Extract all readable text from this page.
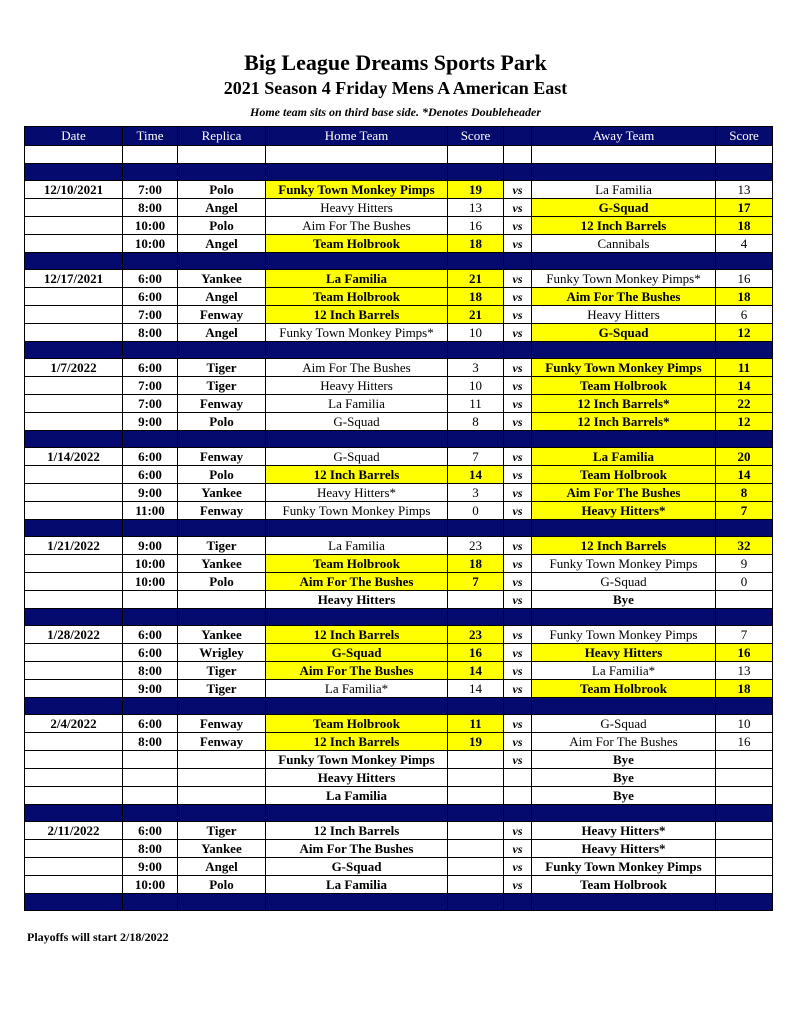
Big League Dreams Sports Park
2021 Season 4 Friday Mens A American East
Home team sits on third base side. *Denotes Doubleheader
Date	Time	Replica	Home Team	Score		Away Team	Score

12/10/2021	7:00	Polo	Funky Town Monkey Pimps	19	vs	La Familia	13
	8:00	Angel	Heavy Hitters	13	vs	G-Squad	17
	10:00	Polo	Aim For The Bushes	16	vs	12 Inch Barrels	18
	10:00	Angel	Team Holbrook	18	vs	Cannibals	4

12/17/2021	6:00	Yankee	La Familia	21	vs	Funky Town Monkey Pimps*	16
	6:00	Angel	Team Holbrook	18	vs	Aim For The Bushes	18
	7:00	Fenway	12 Inch Barrels	21	vs	Heavy Hitters	6
	8:00	Angel	Funky Town Monkey Pimps*	10	vs	G-Squad	12

1/7/2022	6:00	Tiger	Aim For The Bushes	3	vs	Funky Town Monkey Pimps	11
	7:00	Tiger	Heavy Hitters	10	vs	Team Holbrook	14
	7:00	Fenway	La Familia	11	vs	12 Inch Barrels*	22
	9:00	Polo	G-Squad	8	vs	12 Inch Barrels*	12

1/14/2022	6:00	Fenway	G-Squad	7	vs	La Familia	20
	6:00	Polo	12 Inch Barrels	14	vs	Team Holbrook	14
	9:00	Yankee	Heavy Hitters*	3	vs	Aim For The Bushes	8
	11:00	Fenway	Funky Town Monkey Pimps	0	vs	Heavy Hitters*	7

1/21/2022	9:00	Tiger	La Familia	23	vs	12 Inch Barrels	32
	10:00	Yankee	Team Holbrook	18	vs	Funky Town Monkey Pimps	9
	10:00	Polo	Aim For The Bushes	7	vs	G-Squad	0
			Heavy Hitters		vs	Bye	

1/28/2022	6:00	Yankee	12 Inch Barrels	23	vs	Funky Town Monkey Pimps	7
	6:00	Wrigley	G-Squad	16	vs	Heavy Hitters	16
	8:00	Tiger	Aim For The Bushes	14	vs	La Familia*	13
	9:00	Tiger	La Familia*	14	vs	Team Holbrook	18

2/4/2022	6:00	Fenway	Team Holbrook	11	vs	G-Squad	10
	8:00	Fenway	12 Inch Barrels	19	vs	Aim For The Bushes	16
			Funky Town Monkey Pimps		vs	Bye	
			Heavy Hitters			Bye	
			La Familia			Bye	

2/11/2022	6:00	Tiger	12 Inch Barrels		vs	Heavy Hitters*	
	8:00	Yankee	Aim For The Bushes		vs	Heavy Hitters*	
	9:00	Angel	G-Squad		vs	Funky Town Monkey Pimps	
	10:00	Polo	La Familia		vs	Team Holbrook	

Playoffs will start 2/18/2022
